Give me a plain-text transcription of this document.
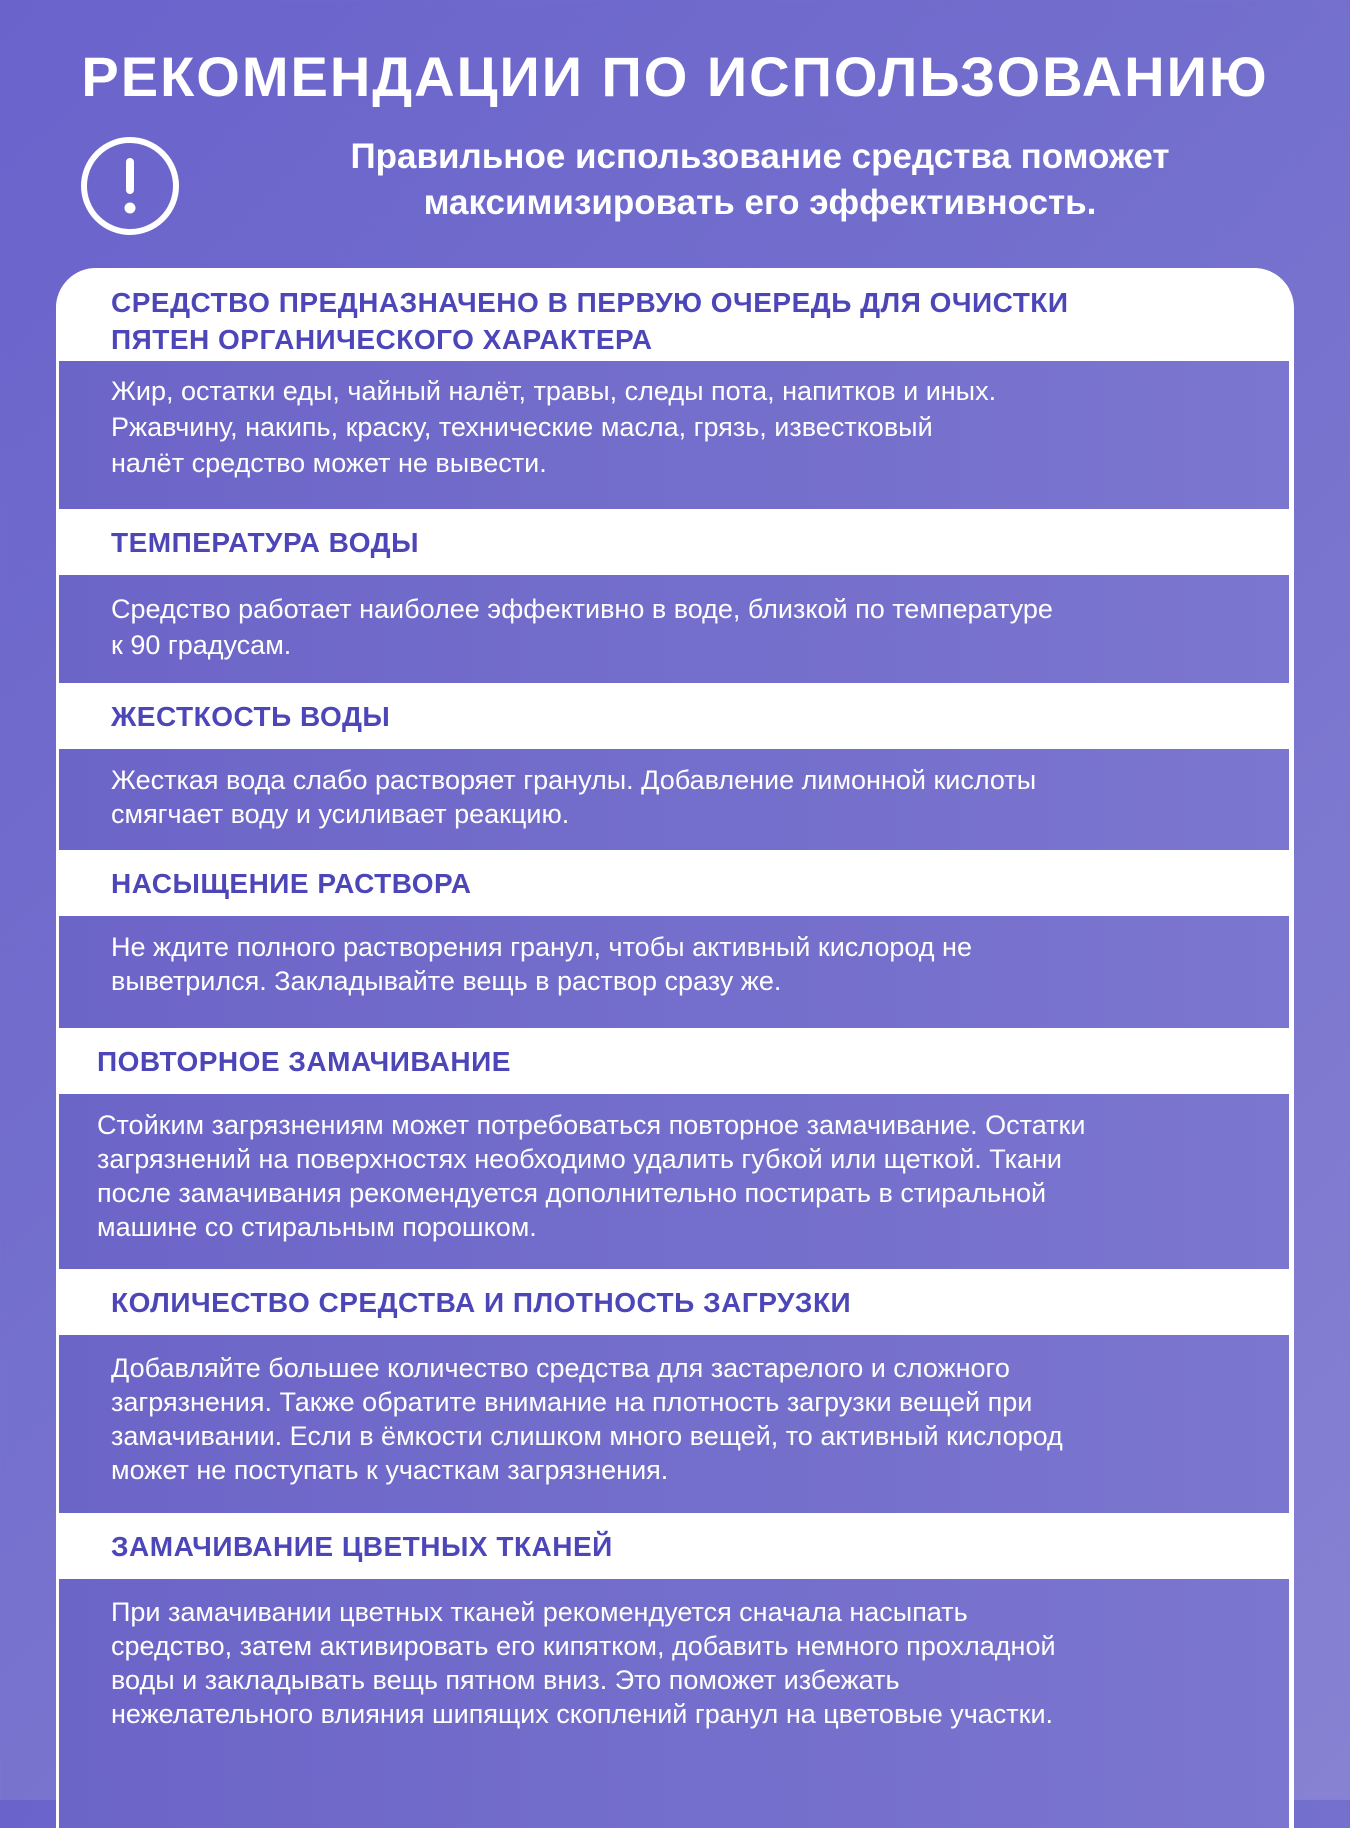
РЕКОМЕНДАЦИИ ПО ИСПОЛЬЗОВАНИЮ
Правильное использование средства поможет
максимизировать его эффективность.
СРЕДСТВО ПРЕДНАЗНАЧЕНО В ПЕРВУЮ ОЧЕРЕДЬ ДЛЯ ОЧИСТКИ
ПЯТЕН ОРГАНИЧЕСКОГО ХАРАКТЕРА
Жир, остатки еды, чайный налёт, травы, следы пота, напитков и иных.
Ржавчину, накипь, краску, технические масла, грязь, известковый
налёт средство может не вывести.
ТЕМПЕРАТУРА ВОДЫ
Средство работает наиболее эффективно в воде, близкой по температуре
к 90 градусам.
ЖЕСТКОСТЬ ВОДЫ
Жесткая вода слабо растворяет гранулы. Добавление лимонной кислоты
смягчает воду и усиливает реакцию.
НАСЫЩЕНИЕ РАСТВОРА
Не ждите полного растворения гранул, чтобы активный кислород не
выветрился. Закладывайте вещь в раствор сразу же.
ПОВТОРНОЕ ЗАМАЧИВАНИЕ
Стойким загрязнениям может потребоваться повторное замачивание. Остатки
загрязнений на поверхностях необходимо удалить губкой или щеткой. Ткани
после замачивания рекомендуется дополнительно постирать в стиральной
машине со стиральным порошком.
КОЛИЧЕСТВО СРЕДСТВА И ПЛОТНОСТЬ ЗАГРУЗКИ
Добавляйте большее количество средства для застарелого и сложного
загрязнения. Также обратите внимание на плотность загрузки вещей при
замачивании. Если в ёмкости слишком много вещей, то активный кислород
может не поступать к участкам загрязнения.
ЗАМАЧИВАНИЕ ЦВЕТНЫХ ТКАНЕЙ
При замачивании цветных тканей рекомендуется сначала насыпать
средство, затем активировать его кипятком, добавить немного прохладной
воды и закладывать вещь пятном вниз. Это поможет избежать
нежелательного влияния шипящих скоплений гранул на цветовые участки.
